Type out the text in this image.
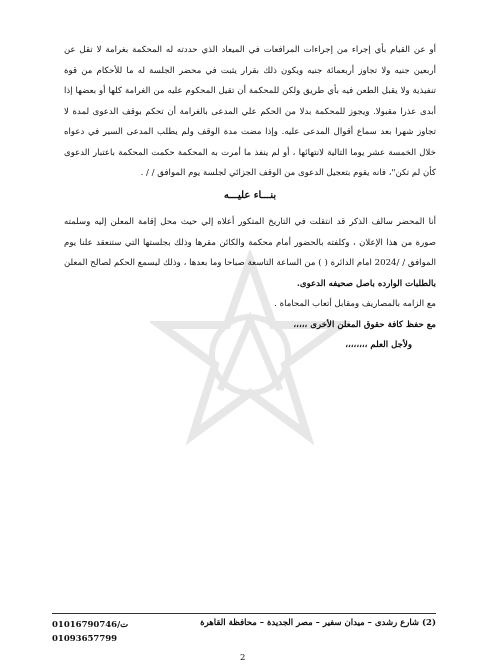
أو عن القيام بأي إجراء من إجراءات المرافعات في الميعاد الذي حددته له المحكمة بغرامة لا تقل عن أربعين جنيه ولا تجاوز أربعمائة جنيه ويكون ذلك بقرار يثبت في محضر الجلسة له ما للأحكام من قوة تنفيذية ولا يقبل الطعن فيه بأي طريق ولكن للمحكمة أن تقيل المحكوم عليه من الغرامة كلها أو بعضها إذا أبدى عذرا مقبولا. ويجوز للمحكمة بدلا من الحكم علي المدعى بالغرامة أن تحكم بوقف الدعوى لمدة لا تجاوز شهرا بعد سماع أقوال المدعى عليه. وإذا مضت مدة الوقف ولم يطلب المدعى السير في دعواه خلال الخمسة عشر يوما التالية لانتهائها ، أو لم ينفذ ما أمرت به المحكمة حكمت المحكمة باعتبار الدعوى كأن لم تكن"، فانه يقوم بتعجيل الدعوى من الوقف الجزائي لجلسة يوم الموافق / / .

بنـــاء عليـــه

أنا المحضر سالف الذكر قد انتقلت في التاريخ المتكور أعلاه إلي حيث محل إقامة المعلن إليه وسلمته صورة من هذا الإعلان ، وكلفته بالحضور أمام محكمة والكائن مقرها وذلك بجلستها التي ستنعقد علنا يوم الموافق / /2024 امام الدائرة ( ) من الساعة التاسعة صباحا وما بعدها ، وذلك ليسمع الحكم لصالح المعلن بالطلبات الوارده باصل صحيفه الدعوى.

مع الزامه بالمصاريف ومقابل أتعاب المحاماة .

مع حفظ كافة حقوق المعلن الأخرى ،،،،،

ولأجل العلم ،،،،،،،،

(2) شارع رشدى – ميدان سفير – مصر الجديدة – محافظة القاهرة
ت/01016790746
01093657799
2
